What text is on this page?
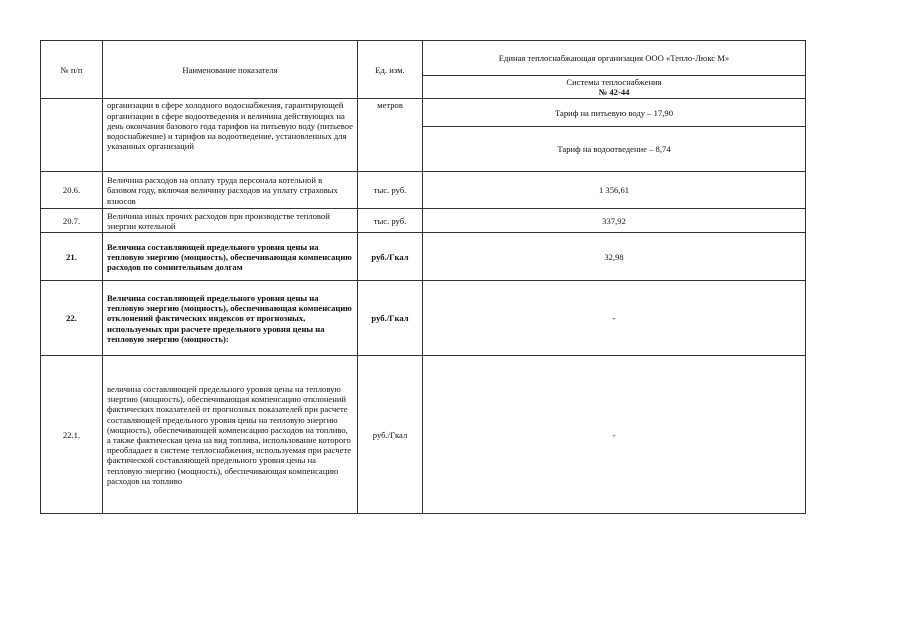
№ п/п	Наименование показателя	Ед. изм.	Единая теплоснабжающая организация ООО «Тепло-Люкс М»
			Системы теплоснабжения
№ 42-44
	организации в сфере холодного водоснабжения, гарантирующей организации в сфере водоотведения и величина действующих на день окончания базового года тарифов на питьевую воду (питьевое водоснабжение) и тарифов на водоотведение, установленных для указанных организаций	метров	Тариф на питьевую воду – 17,90
			Тариф на водоотведение – 8,74
20.6.	Величина расходов на оплату труда персонала котельной в базовом году, включая величину расходов на уплату страховых взносов	тыс. руб.	1 356,61
20.7.	Величина иных прочих расходов при производстве тепловой энергии котельной	тыс. руб.	337,92
21.	Величина составляющей предельного уровня цены на тепловую энергию (мощность), обеспечивающая компенсацию расходов по сомнительным долгам	руб./Гкал	32,98
22.	Величина составляющей предельного уровня цены на тепловую энергию (мощность), обеспечивающая компенсацию отклонений фактических индексов от прогнозных, используемых при расчете предельного уровня цены на тепловую энергию (мощность):	руб./Гкал	-
22.1.	величина составляющей предельного уровня цены на тепловую энергию (мощность), обеспечивающая компенсацию отклонений фактических показателей от прогнозных показателей при расчете составляющей предельного уровня цены на тепловую энергию (мощность), обеспечивающей компенсацию расходов на топливо, а также фактическая цена на вид топлива, использование которого преобладает в системе теплоснабжения, используемая при расчете фактической составляющей предельного уровня цены на тепловую энергию (мощность), обеспечивающая компенсацию расходов на топливо	руб./Гкал	-
